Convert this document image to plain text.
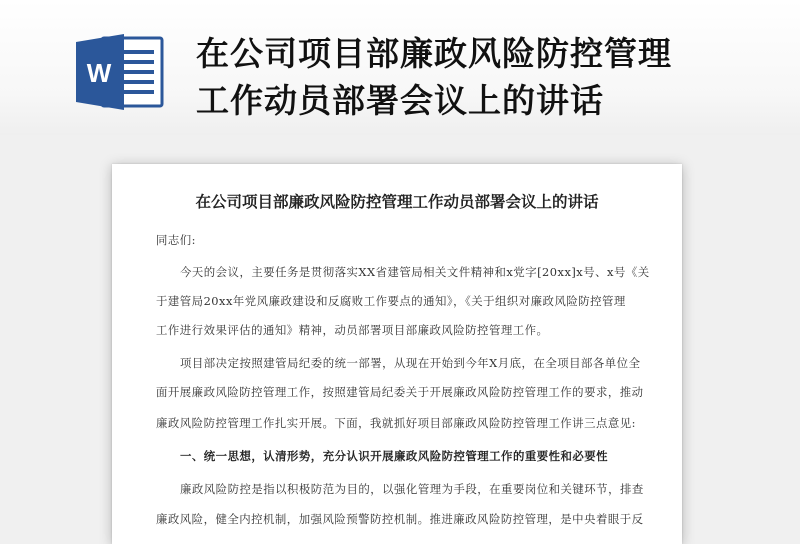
W	在公司项目部廉政风险防控管理
工作动员部署会议上的讲话
在公司项目部廉政风险防控管理工作动员部署会议上的讲话
同志们:
今天的会议，主要任务是贯彻落实XX省建管局相关文件精神和x党字[20xx]x号、x号《关
于建管局20xx年党风廉政建设和反腐败工作要点的通知》，《关于组织对廉政风险防控管理
工作进行效果评估的通知》精神，动员部署项目部廉政风险防控管理工作。
项目部决定按照建管局纪委的统一部署，从现在开始到今年X月底，在全项目部各单位全
面开展廉政风险防控管理工作，按照建管局纪委关于开展廉政风险防控管理工作的要求，推动
廉政风险防控管理工作扎实开展。下面，我就抓好项目部廉政风险防控管理工作讲三点意见:
一、统一思想，认清形势，充分认识开展廉政风险防控管理工作的重要性和必要性
廉政风险防控是指以积极防范为目的，以强化管理为手段，在重要岗位和关键环节，排查
廉政风险，健全内控机制，加强风险预警防控机制。推进廉政风险防控管理，是中央着眼于反
